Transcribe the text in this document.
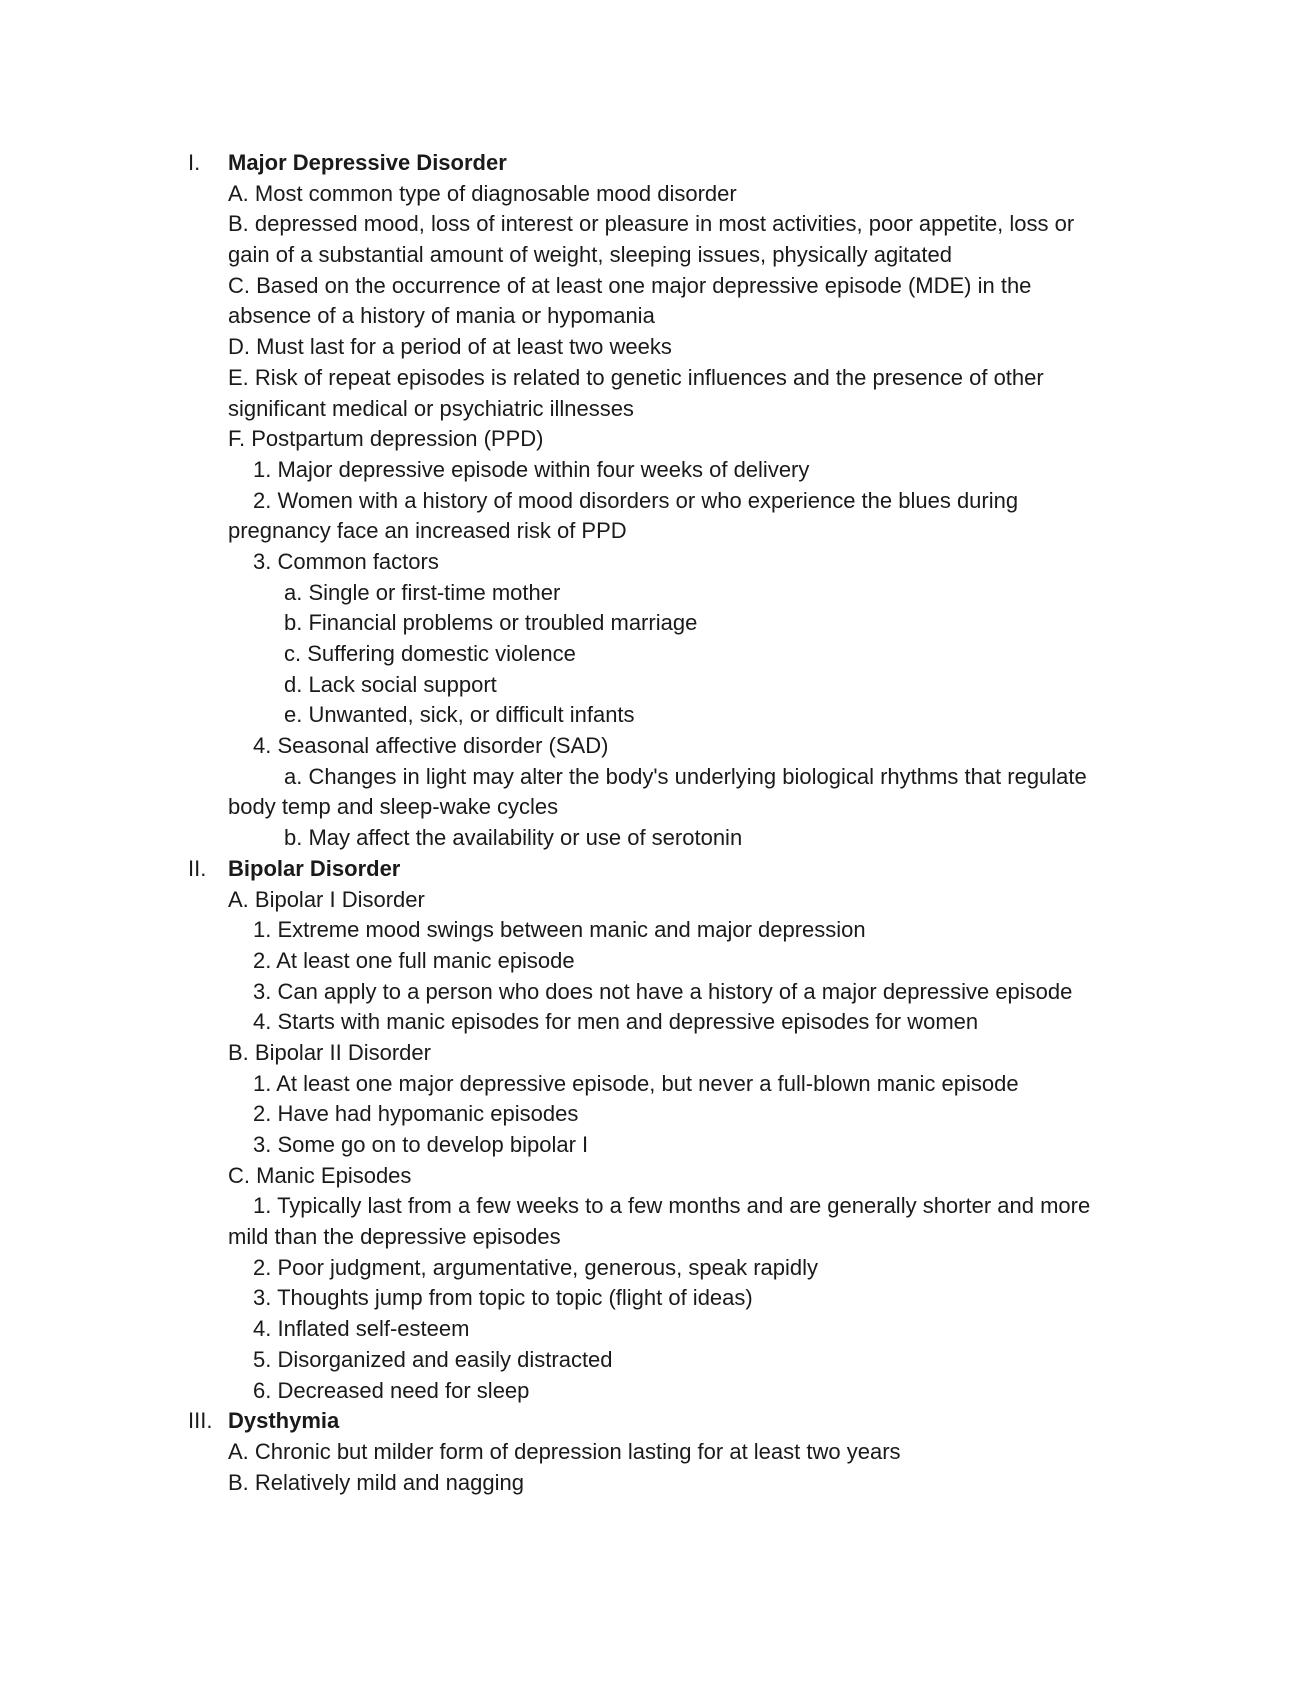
I. Major Depressive Disorder
A. Most common type of diagnosable mood disorder
B. depressed mood, loss of interest or pleasure in most activities, poor appetite, loss or
gain of a substantial amount of weight, sleeping issues, physically agitated
C. Based on the occurrence of at least one major depressive episode (MDE) in the
absence of a history of mania or hypomania
D. Must last for a period of at least two weeks
E. Risk of repeat episodes is related to genetic influences and the presence of other
significant medical or psychiatric illnesses
F. Postpartum depression (PPD)
1. Major depressive episode within four weeks of delivery
2. Women with a history of mood disorders or who experience the blues during
pregnancy face an increased risk of PPD
3. Common factors
a. Single or first-time mother
b. Financial problems or troubled marriage
c. Suffering domestic violence
d. Lack social support
e. Unwanted, sick, or difficult infants
4. Seasonal affective disorder (SAD)
a. Changes in light may alter the body's underlying biological rhythms that regulate
body temp and sleep-wake cycles
b. May affect the availability or use of serotonin
II. Bipolar Disorder
A. Bipolar I Disorder
1. Extreme mood swings between manic and major depression
2. At least one full manic episode
3. Can apply to a person who does not have a history of a major depressive episode
4. Starts with manic episodes for men and depressive episodes for women
B. Bipolar II Disorder
1. At least one major depressive episode, but never a full-blown manic episode
2. Have had hypomanic episodes
3. Some go on to develop bipolar I
C. Manic Episodes
1. Typically last from a few weeks to a few months and are generally shorter and more
mild than the depressive episodes
2. Poor judgment, argumentative, generous, speak rapidly
3. Thoughts jump from topic to topic (flight of ideas)
4. Inflated self-esteem
5. Disorganized and easily distracted
6. Decreased need for sleep
III. Dysthymia
A. Chronic but milder form of depression lasting for at least two years
B. Relatively mild and nagging
